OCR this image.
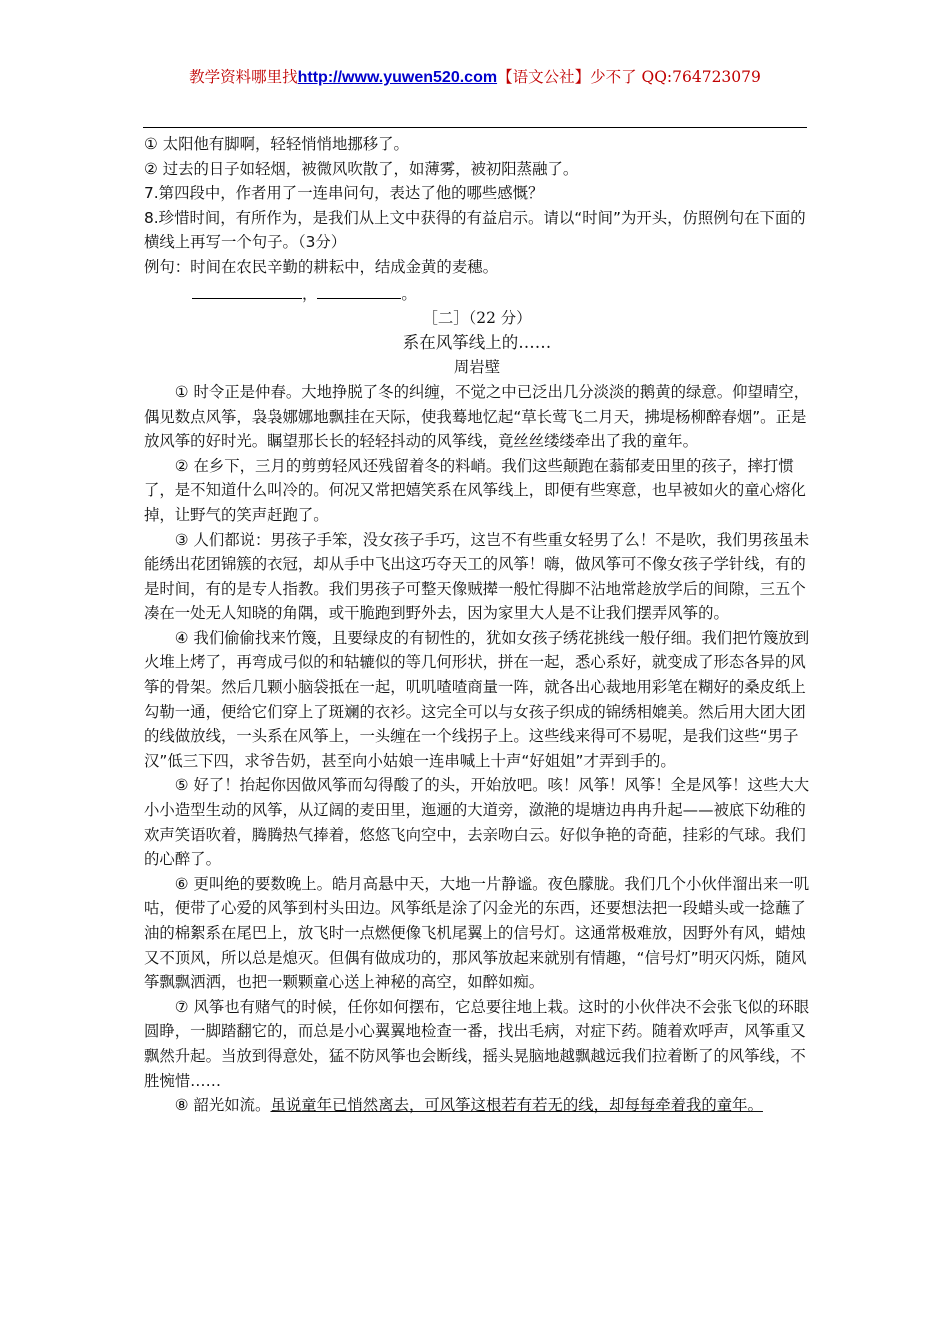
教学资料哪里找http://www.yuwen520.com【语文公社】少不了 QQ:764723079

① 太阳他有脚啊，轻轻悄悄地挪移了。

② 过去的日子如轻烟，被微风吹散了，如薄雾，被初阳蒸融了。

7.第四段中，作者用了一连串问句，表达了他的哪些感慨？

8.珍惜时间，有所作为，是我们从上文中获得的有益启示。请以“时间”为开头，仿照例句在下面的横线上再写一个句子。（3分）

例句：时间在农民辛勤的耕耘中，结成金黄的麦穗。

，	。

［二］（22 分）

系在风筝线上的……

周岩壁

① 时令正是仲春。大地挣脱了冬的纠缠，不觉之中已泛出几分淡淡的鹅黄的绿意。仰望晴空，偶见数点风筝，袅袅娜娜地飘挂在天际，使我蓦地忆起“草长莺飞二月天，拂堤杨柳醉春烟”。正是放风筝的好时光。瞩望那长长的轻轻抖动的风筝线，竟丝丝缕缕牵出了我的童年。

② 在乡下，三月的剪剪轻风还残留着冬的料峭。我们这些颠跑在蓊郁麦田里的孩子，摔打惯了，是不知道什么叫冷的。何况又常把嬉笑系在风筝线上，即便有些寒意，也早被如火的童心熔化掉，让野气的笑声赶跑了。

③ 人们都说：男孩子手笨，没女孩子手巧，这岂不有些重女轻男了么！不是吹，我们男孩虽未能绣出花团锦簇的衣冠，却从手中飞出这巧夺天工的风筝！嗨，做风筝可不像女孩子学针线，有的是时间，有的是专人指教。我们男孩子可整天像贼撵一般忙得脚不沾地常趁放学后的间隙，三五个凑在一处无人知晓的角隅，或干脆跑到野外去，因为家里大人是不让我们摆弄风筝的。

④ 我们偷偷找来竹篾，且要绿皮的有韧性的，犹如女孩子绣花挑线一般仔细。我们把竹篾放到火堆上烤了，再弯成弓似的和轱辘似的等几何形状，拼在一起，悉心系好，就变成了形态各异的风筝的骨架。然后几颗小脑袋抵在一起，叽叽喳喳商量一阵，就各出心裁地用彩笔在糊好的桑皮纸上勾勒一通，便给它们穿上了斑斓的衣衫。这完全可以与女孩子织成的锦绣相媲美。然后用大团大团的线做放线，一头系在风筝上，一头缠在一个线拐子上。这些线来得可不易呢，是我们这些“男子汉”低三下四，求爷告奶，甚至向小姑娘一连串喊上十声“好姐姐”才弄到手的。

⑤ 好了！抬起你因做风筝而勾得酸了的头，开始放吧。咳！风筝！风筝！全是风筝！这些大大小小造型生动的风筝，从辽阔的麦田里，迤逦的大道旁，潋滟的堤塘边冉冉升起——被底下幼稚的欢声笑语吹着，腾腾热气捧着，悠悠飞向空中，去亲吻白云。好似争艳的奇葩，挂彩的气球。我们的心醉了。

⑥ 更叫绝的要数晚上。皓月高悬中天，大地一片静谧。夜色朦胧。我们几个小伙伴溜出来一叽咕，便带了心爱的风筝到村头田边。风筝纸是涂了闪金光的东西，还要想法把一段蜡头或一捻蘸了油的棉絮系在尾巴上，放飞时一点燃便像飞机尾翼上的信号灯。这通常极难放，因野外有风，蜡烛又不顶风，所以总是熄灭。但偶有做成功的，那风筝放起来就别有情趣，“信号灯”明灭闪烁，随风筝飘飘洒洒，也把一颗颗童心送上神秘的高空，如醉如痴。

⑦ 风筝也有赌气的时候，任你如何摆布，它总要往地上栽。这时的小伙伴决不会张飞似的环眼圆睁，一脚踏翻它的，而总是小心翼翼地检查一番，找出毛病，对症下药。随着欢呼声，风筝重又飘然升起。当放到得意处，猛不防风筝也会断线，摇头晃脑地越飘越远我们拉着断了的风筝线，不胜惋惜……

⑧ 韶光如流。虽说童年已悄然离去，可风筝这根若有若无的线，却每每牵着我的童年。
